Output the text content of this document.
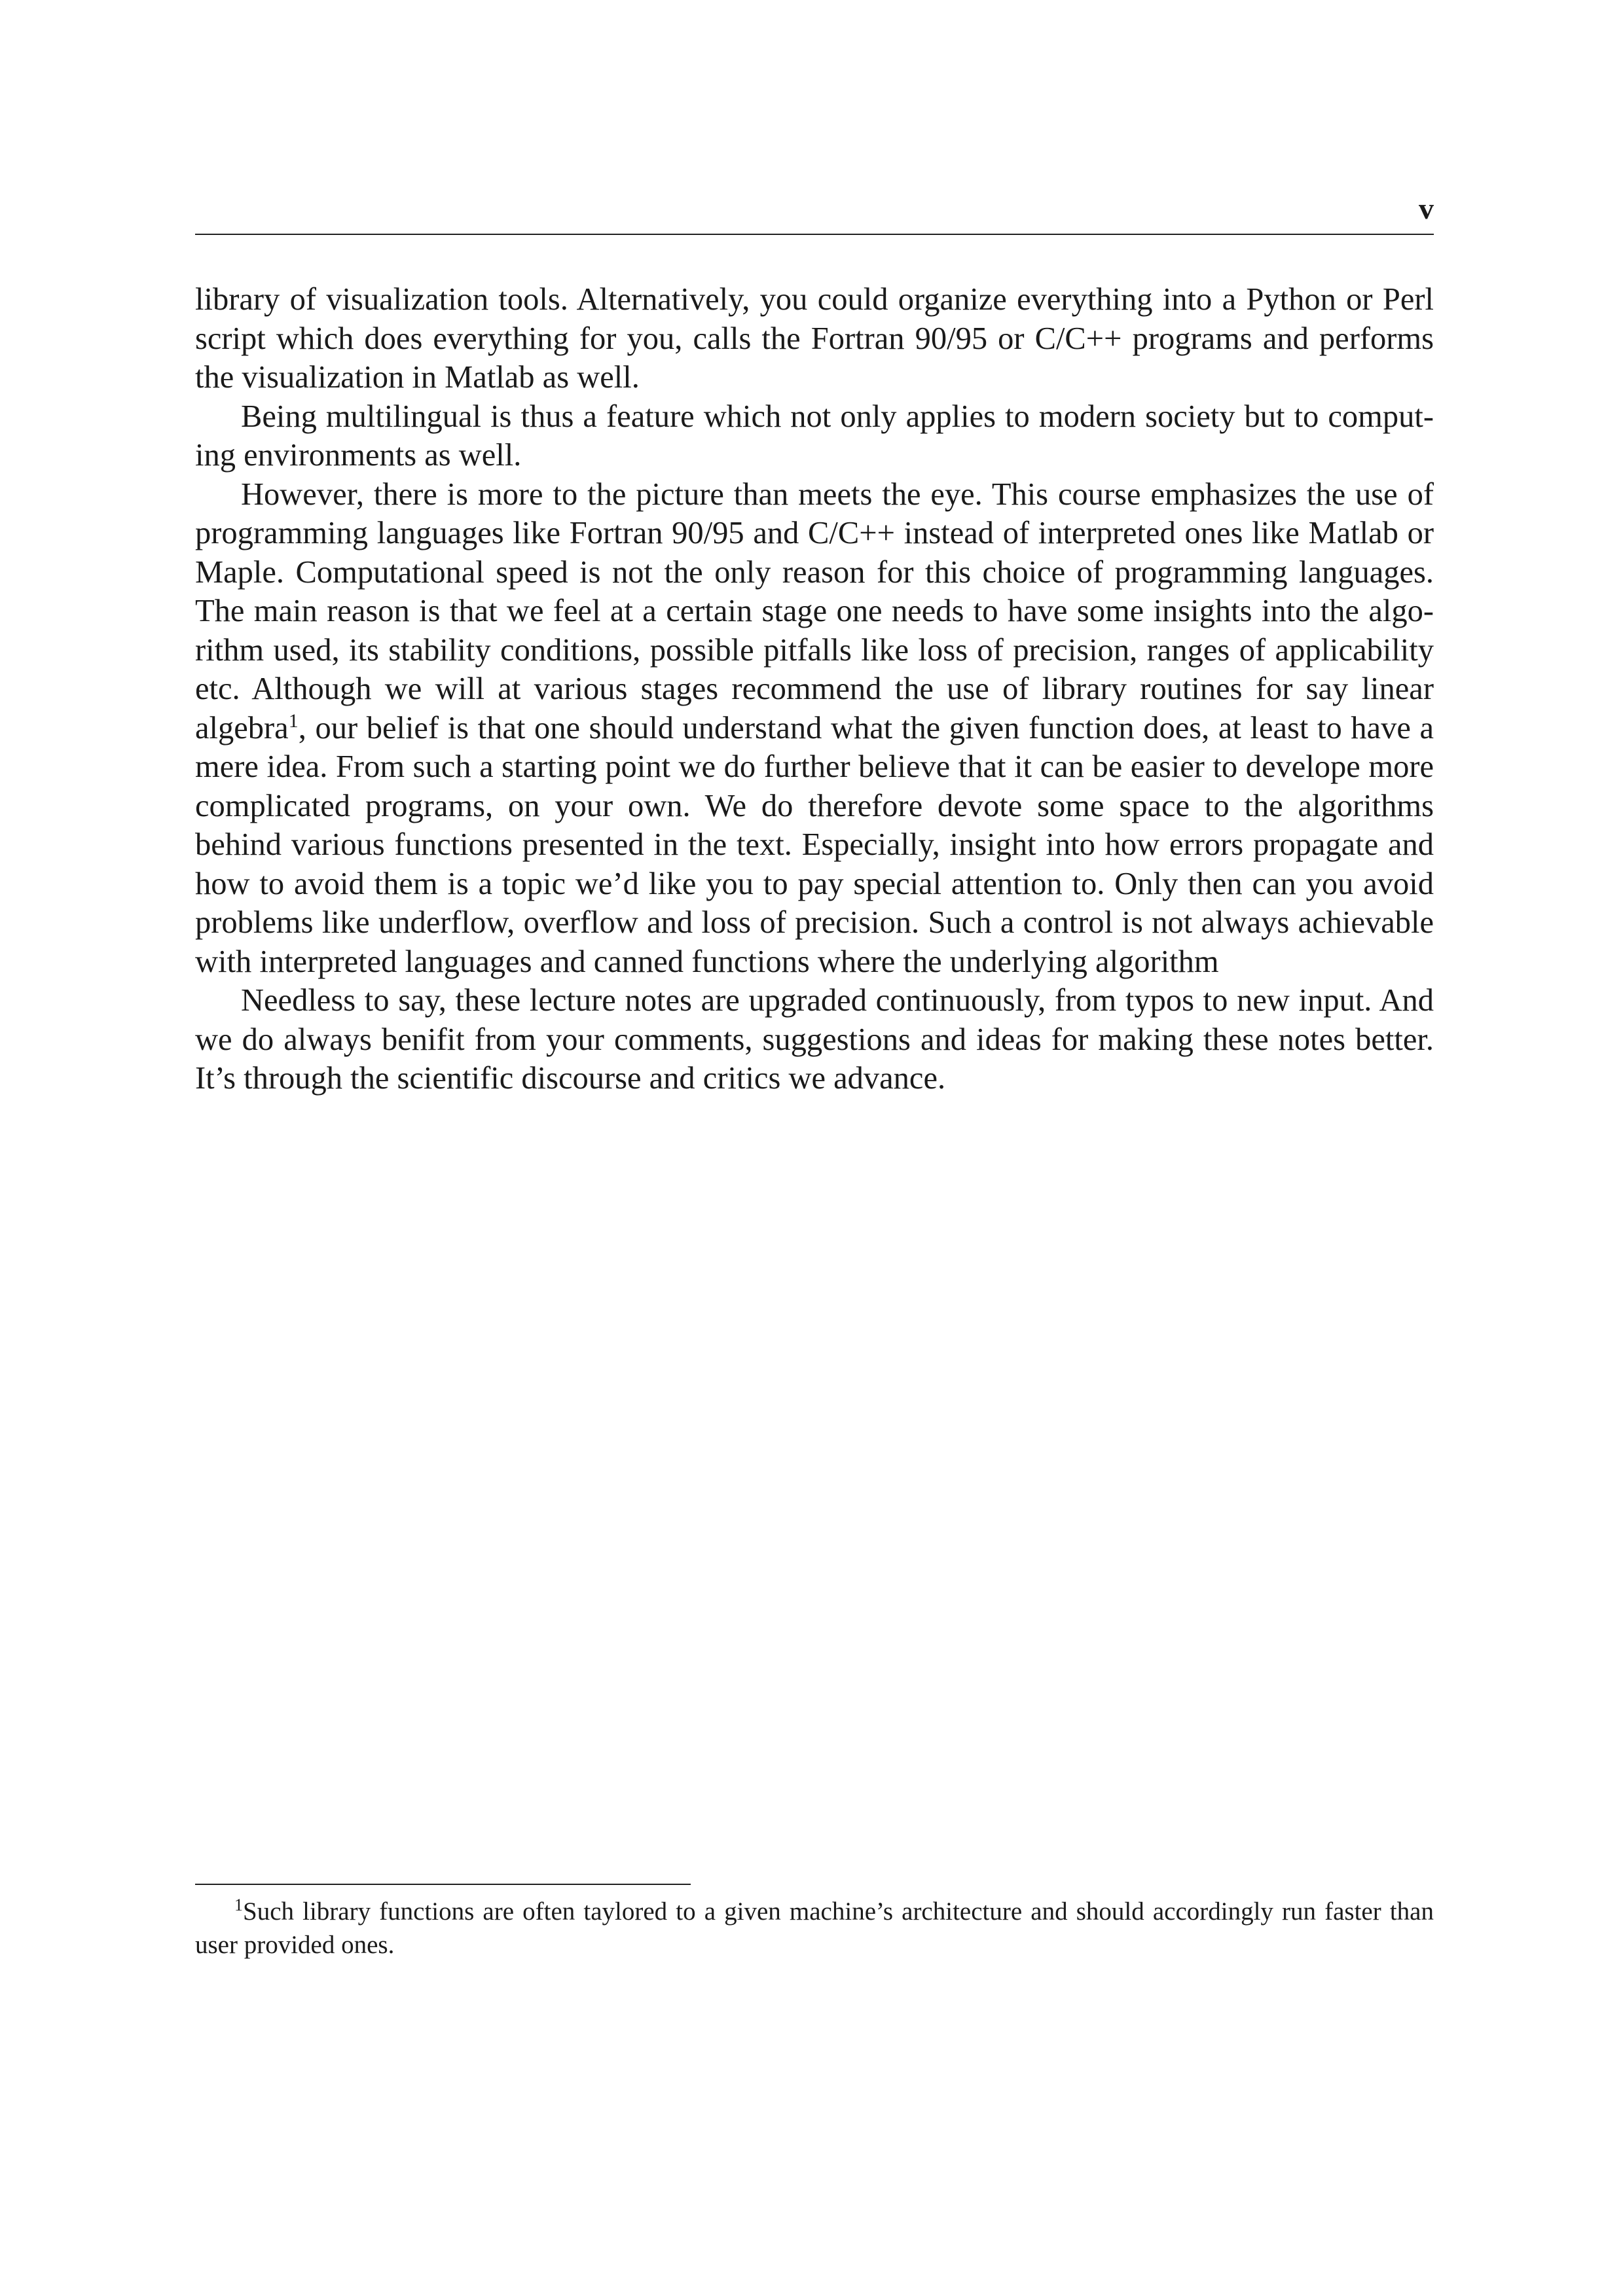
v

library of visualization tools. Alternatively, you could organize everything into a Python or Perl script which does everything for you, calls the Fortran 90/95 or C/C++ programs and performs the visualization in Matlab as well.

Being multilingual is thus a feature which not only applies to modern society but to computing environments as well.

However, there is more to the picture than meets the eye. This course emphasizes the use of programming languages like Fortran 90/95 and C/C++ instead of interpreted ones like Matlab or Maple. Computational speed is not the only reason for this choice of programming languages. The main reason is that we feel at a certain stage one needs to have some insights into the algorithm used, its stability conditions, possible pitfalls like loss of precision, ranges of applicability etc. Although we will at various stages recommend the use of library routines for say linear algebra$^1$, our belief is that one should understand what the given function does, at least to have a mere idea. From such a starting point we do further believe that it can be easier to develope more complicated programs, on your own. We do therefore devote some space to the algorithms behind various functions presented in the text. Especially, insight into how errors propagate and how to avoid them is a topic we’d like you to pay special attention to. Only then can you avoid problems like underflow, overflow and loss of precision. Such a control is not always achievable with interpreted languages and canned functions where the underlying algorithm

Needless to say, these lecture notes are upgraded continuously, from typos to new input. And we do always benifit from your comments, suggestions and ideas for making these notes better. It’s through the scientific discourse and critics we advance.

$^1$Such library functions are often taylored to a given machine’s architecture and should accordingly run faster than user provided ones.
